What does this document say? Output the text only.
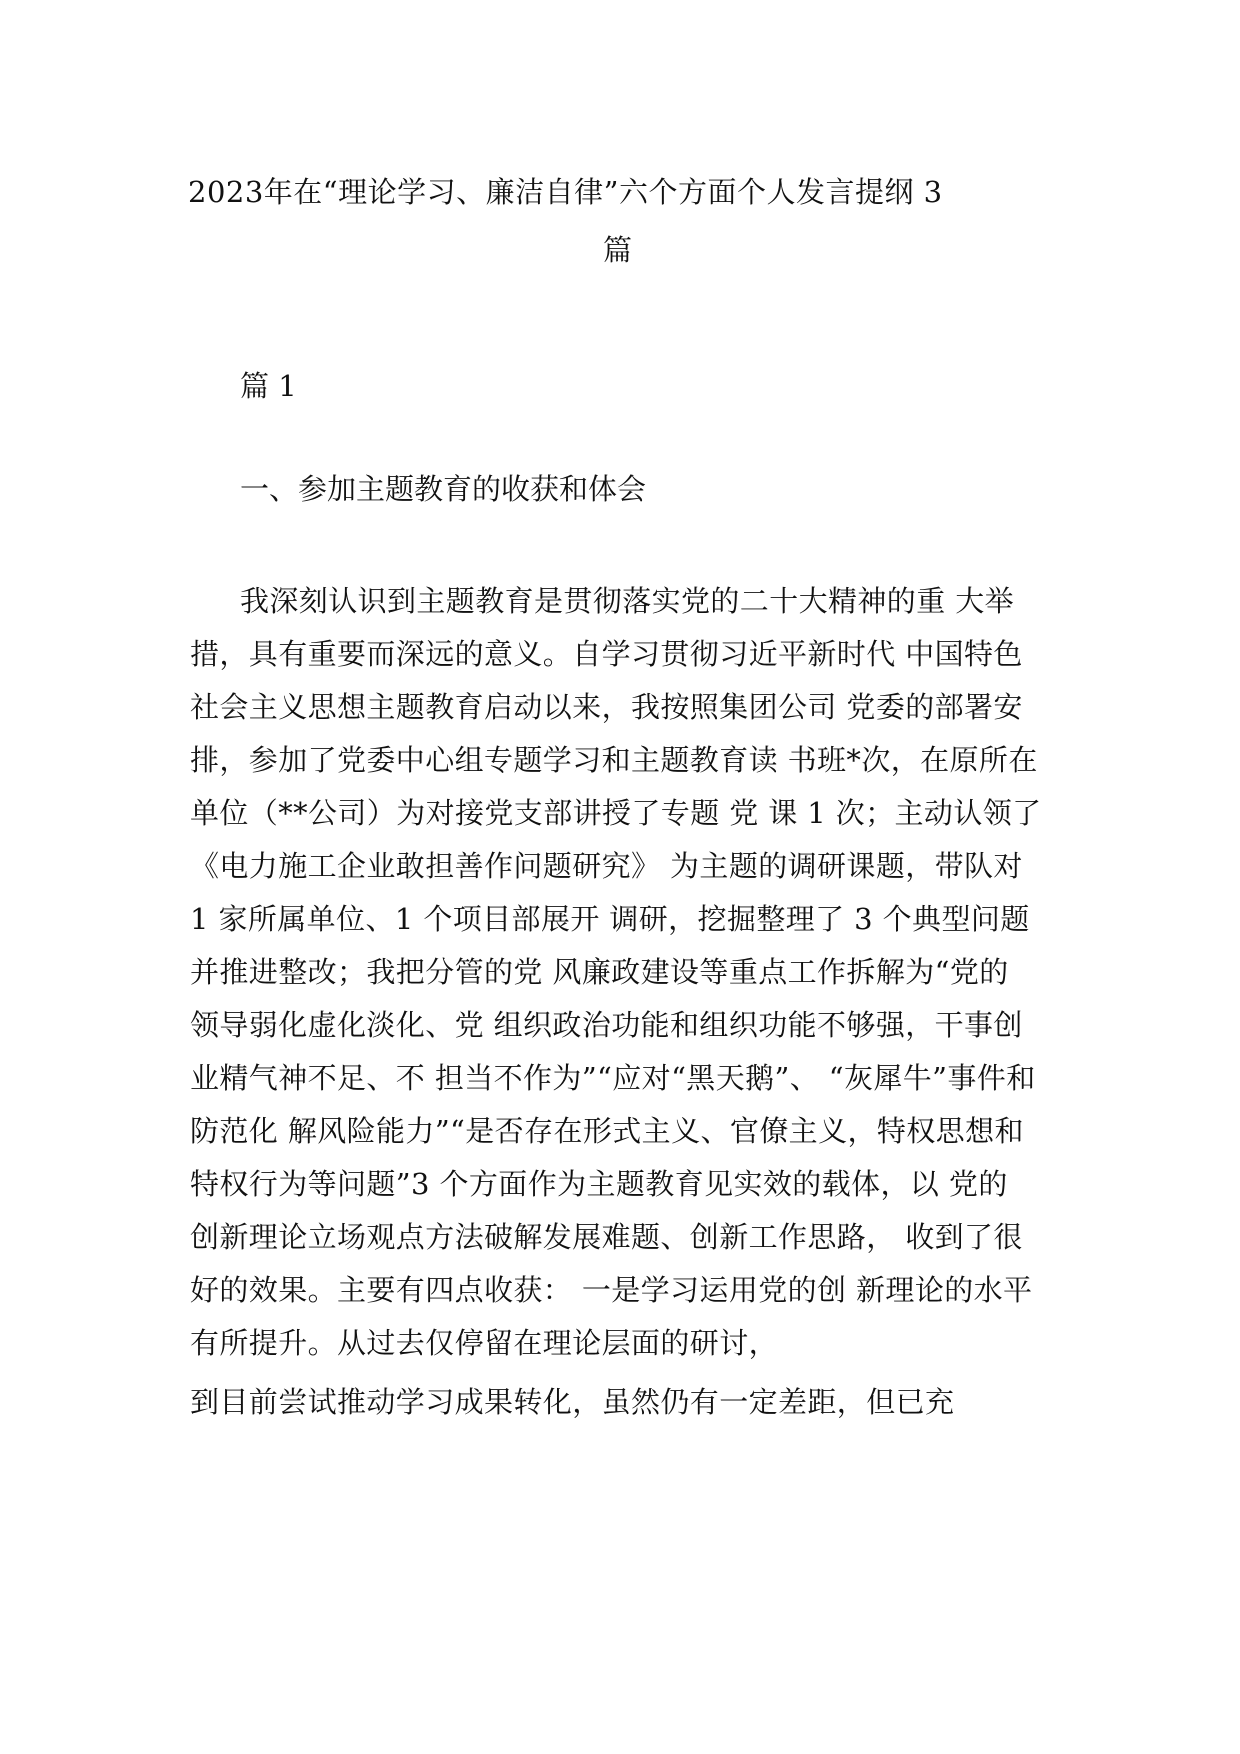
2023年在“理论学习、廉洁自律”六个方面个人发言提纲 3
篇
篇 1
一、参加主题教育的收获和体会
我深刻认识到主题教育是贯彻落实党的二十大精神的重 大举
措，具有重要而深远的意义。自学习贯彻习近平新时代 中国特色
社会主义思想主题教育启动以来，我按照集团公司 党委的部署安
排，参加了党委中心组专题学习和主题教育读 书班*次，在原所在
单位（**公司）为对接党支部讲授了专题 党 课 1 次；主动认领了
《电力施工企业敢担善作问题研究》 为主题的调研课题，带队对
1 家所属单位、1 个项目部展开 调研，挖掘整理了 3 个典型问题
并推进整改；我把分管的党 风廉政建设等重点工作拆解为“党的
领导弱化虚化淡化、党 组织政治功能和组织功能不够强，干事创
业精气神不足、不 担当不作为”“应对“黑天鹅”、 “灰犀牛”事件和
防范化 解风险能力”“是否存在形式主义、官僚主义，特权思想和
特权行为等问题”3 个方面作为主题教育见实效的载体，以 党的
创新理论立场观点方法破解发展难题、创新工作思路， 收到了很
好的效果。主要有四点收获： 一是学习运用党的创 新理论的水平
有所提升。从过去仅停留在理论层面的研讨，
到目前尝试推动学习成果转化，虽然仍有一定差距，但已充
